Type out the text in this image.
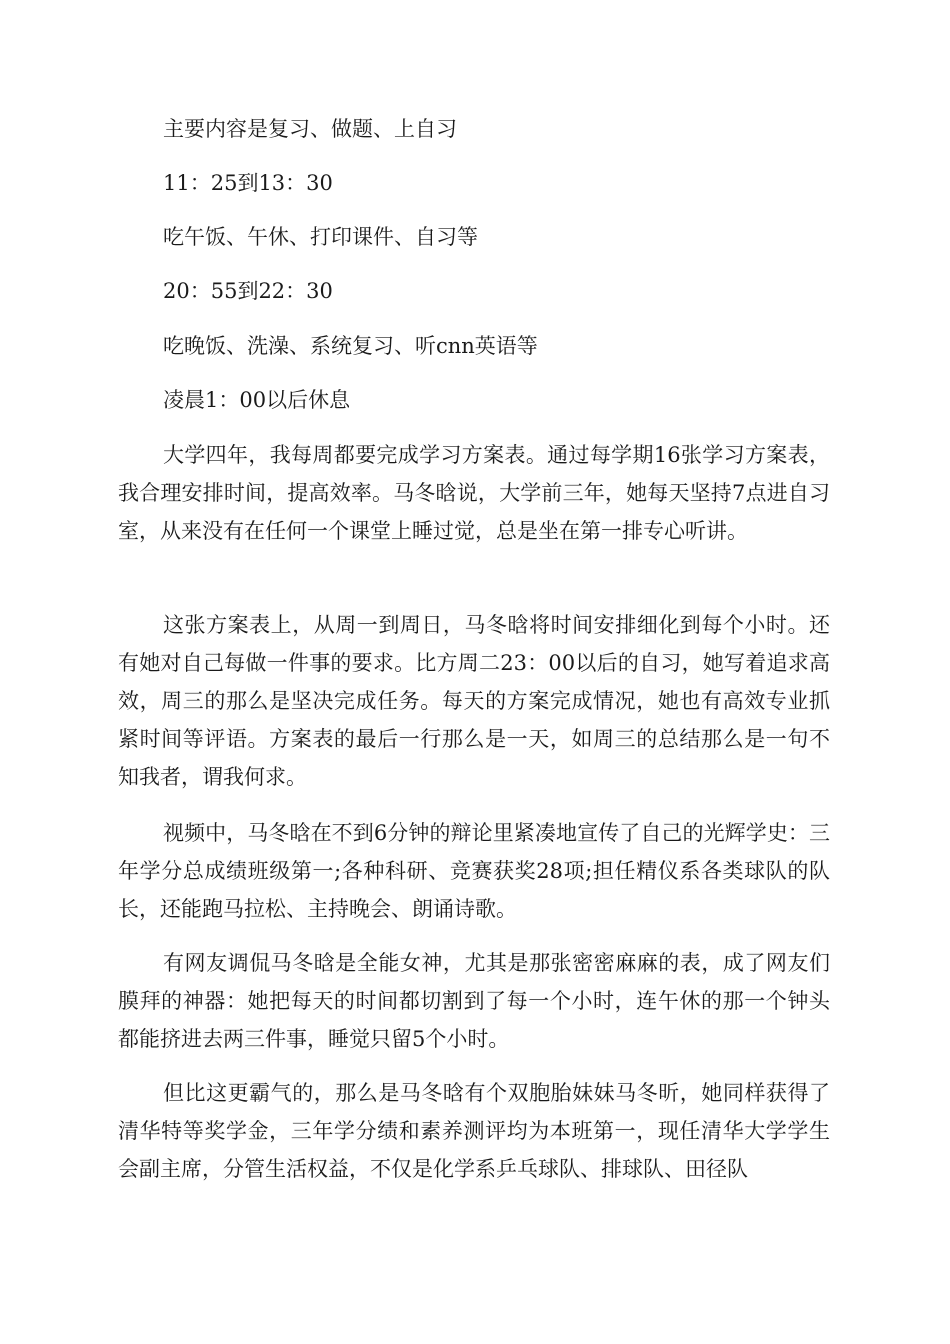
主要内容是复习、做题、上自习
11：25到13：30
吃午饭、午休、打印课件、自习等
20：55到22：30
吃晚饭、洗澡、系统复习、听cnn英语等
凌晨1：00以后休息

大学四年，我每周都要完成学习方案表。通过每学期16张学习方案表，我合理安排时间，提高效率。马冬晗说，大学前三年，她每天坚持7点进自习室，从来没有在任何一个课堂上睡过觉，总是坐在第一排专心听讲。

这张方案表上，从周一到周日，马冬晗将时间安排细化到每个小时。还有她对自己每做一件事的要求。比方周二23：00以后的自习，她写着追求高效，周三的那么是坚决完成任务。每天的方案完成情况，她也有高效专业抓紧时间等评语。方案表的最后一行那么是一天，如周三的总结那么是一句不知我者，谓我何求。

视频中，马冬晗在不到6分钟的辩论里紧凑地宣传了自己的光辉学史：三年学分总成绩班级第一;各种科研、竞赛获奖28项;担任精仪系各类球队的队长，还能跑马拉松、主持晚会、朗诵诗歌。

有网友调侃马冬晗是全能女神，尤其是那张密密麻麻的表，成了网友们膜拜的神器：她把每天的时间都切割到了每一个小时，连午休的那一个钟头都能挤进去两三件事，睡觉只留5个小时。

但比这更霸气的，那么是马冬晗有个双胞胎妹妹马冬昕，她同样获得了清华特等奖学金，三年学分绩和素养测评均为本班第一，现任清华大学学生会副主席，分管生活权益，不仅是化学系乒乓球队、排球队、田径队
